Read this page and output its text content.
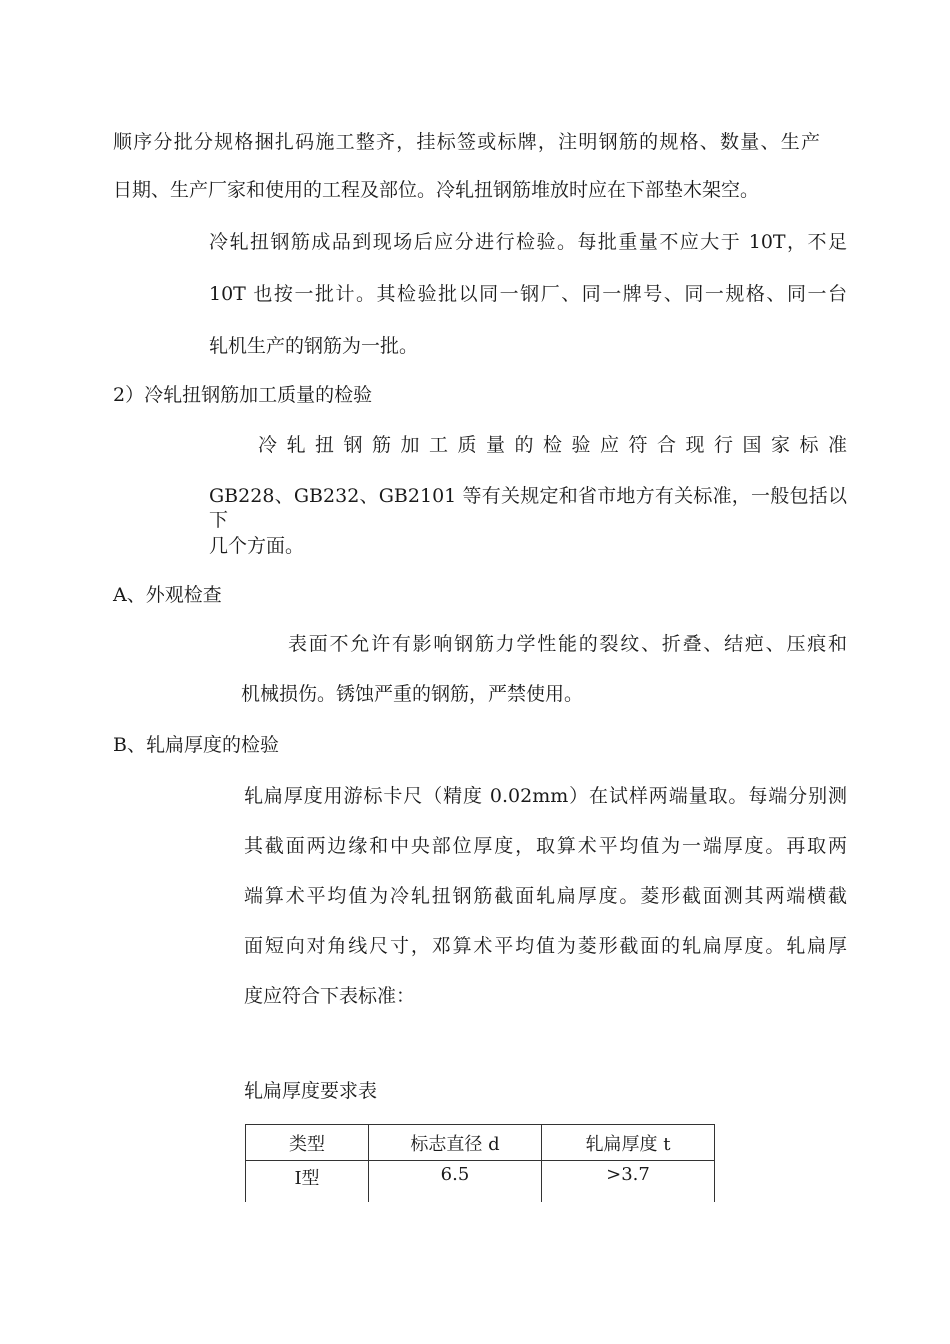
顺序分批分规格捆扎码施工整齐，挂标签或标牌，注明钢筋的规格、数量、生产
日期、生产厂家和使用的工程及部位。冷轧扭钢筋堆放时应在下部垫木架空。
冷轧扭钢筋成品到现场后应分进行检验。每批重量不应大于 10T，不足
10T 也按一批计。其检验批以同一钢厂、同一牌号、同一规格、同一台
轧机生产的钢筋为一批。
2）冷轧扭钢筋加工质量的检验
冷轧扭钢筋加工质量的检验应符合现行国家标准
GB228、GB232、GB2101 等有关规定和省市地方有关标准，一般包括以下
几个方面。
A、外观检查
表面不允许有影响钢筋力学性能的裂纹、折叠、结疤、压痕和
机械损伤。锈蚀严重的钢筋，严禁使用。
B、轧扁厚度的检验
轧扁厚度用游标卡尺（精度 0.02mm）在试样两端量取。每端分别测
其截面两边缘和中央部位厚度，取算术平均值为一端厚度。再取两
端算术平均值为冷轧扭钢筋截面轧扁厚度。菱形截面测其两端横截
面短向对角线尺寸，邓算术平均值为菱形截面的轧扁厚度。轧扁厚
度应符合下表标准：
轧扁厚度要求表
类型	标志直径 d	轧扁厚度 t
Ⅰ型	6.5	>3.7
